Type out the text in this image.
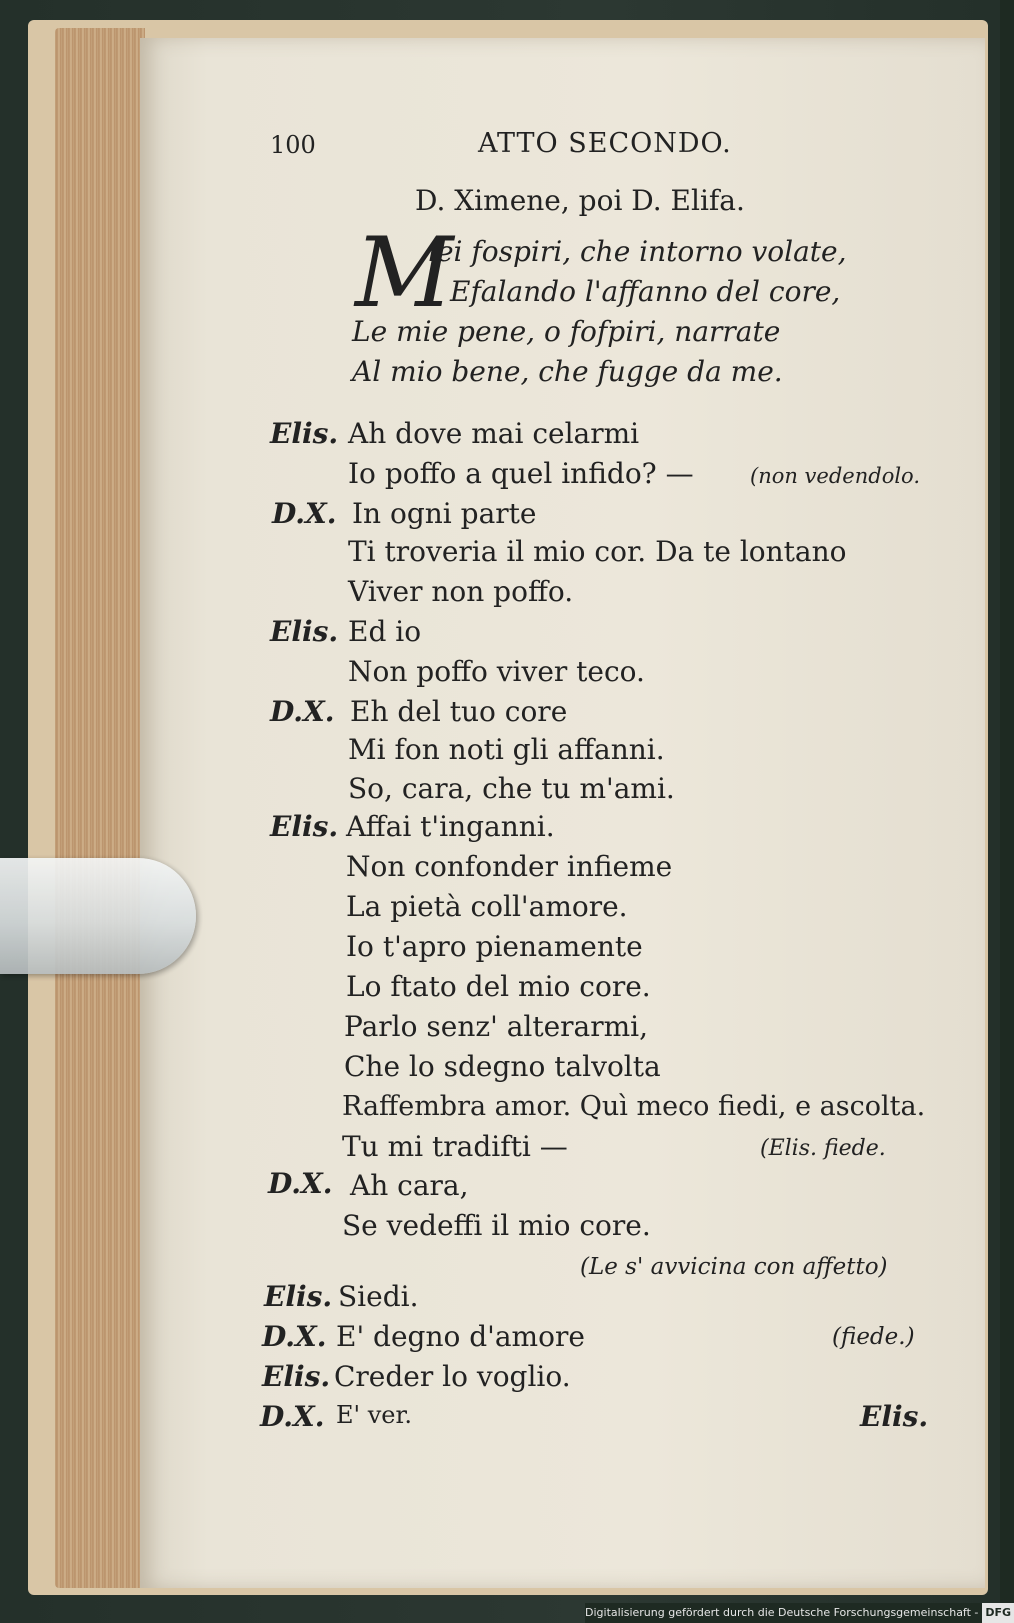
100	ATTO SECONDO.
D. Ximene, poi D. Elifa.
M
iei fospiri, che intorno volate,
Efalando l'affanno del core,
Le mie pene, o fofpiri, narrate
Al mio bene, che fugge da me.
Elis. Ah dove mai celarmi
Io poffo a quel infido? —	(non vedendolo.
D.X. In ogni parte
Ti troveria il mio cor. Da te lontano
Viver non poffo.
Elis. Ed io
Non poffo viver teco.
D.X. Eh del tuo core
Mi fon noti gli affanni.
So, cara, che tu m'ami.
Elis. Affai t'inganni.
Non confonder infieme
La pietà coll'amore.
Io t'apro pienamente
Lo ftato del mio core.
Parlo senz' alterarmi,
Che lo sdegno talvolta
Raffembra amor. Quì meco fiedi, e ascolta.
Tu mi tradifti —	(Elis. fiede.
D.X. Ah cara,
Se vedeffi il mio core.
(Le s' avvicina con affetto)
Elis. Siedi.
D.X. E' degno d'amore	(fiede.)
Elis. Creder lo voglio.
D.X. E' ver.	Elis.
Digitalisierung gefördert durch die Deutsche Forschungsgemeinschaft - DFG
